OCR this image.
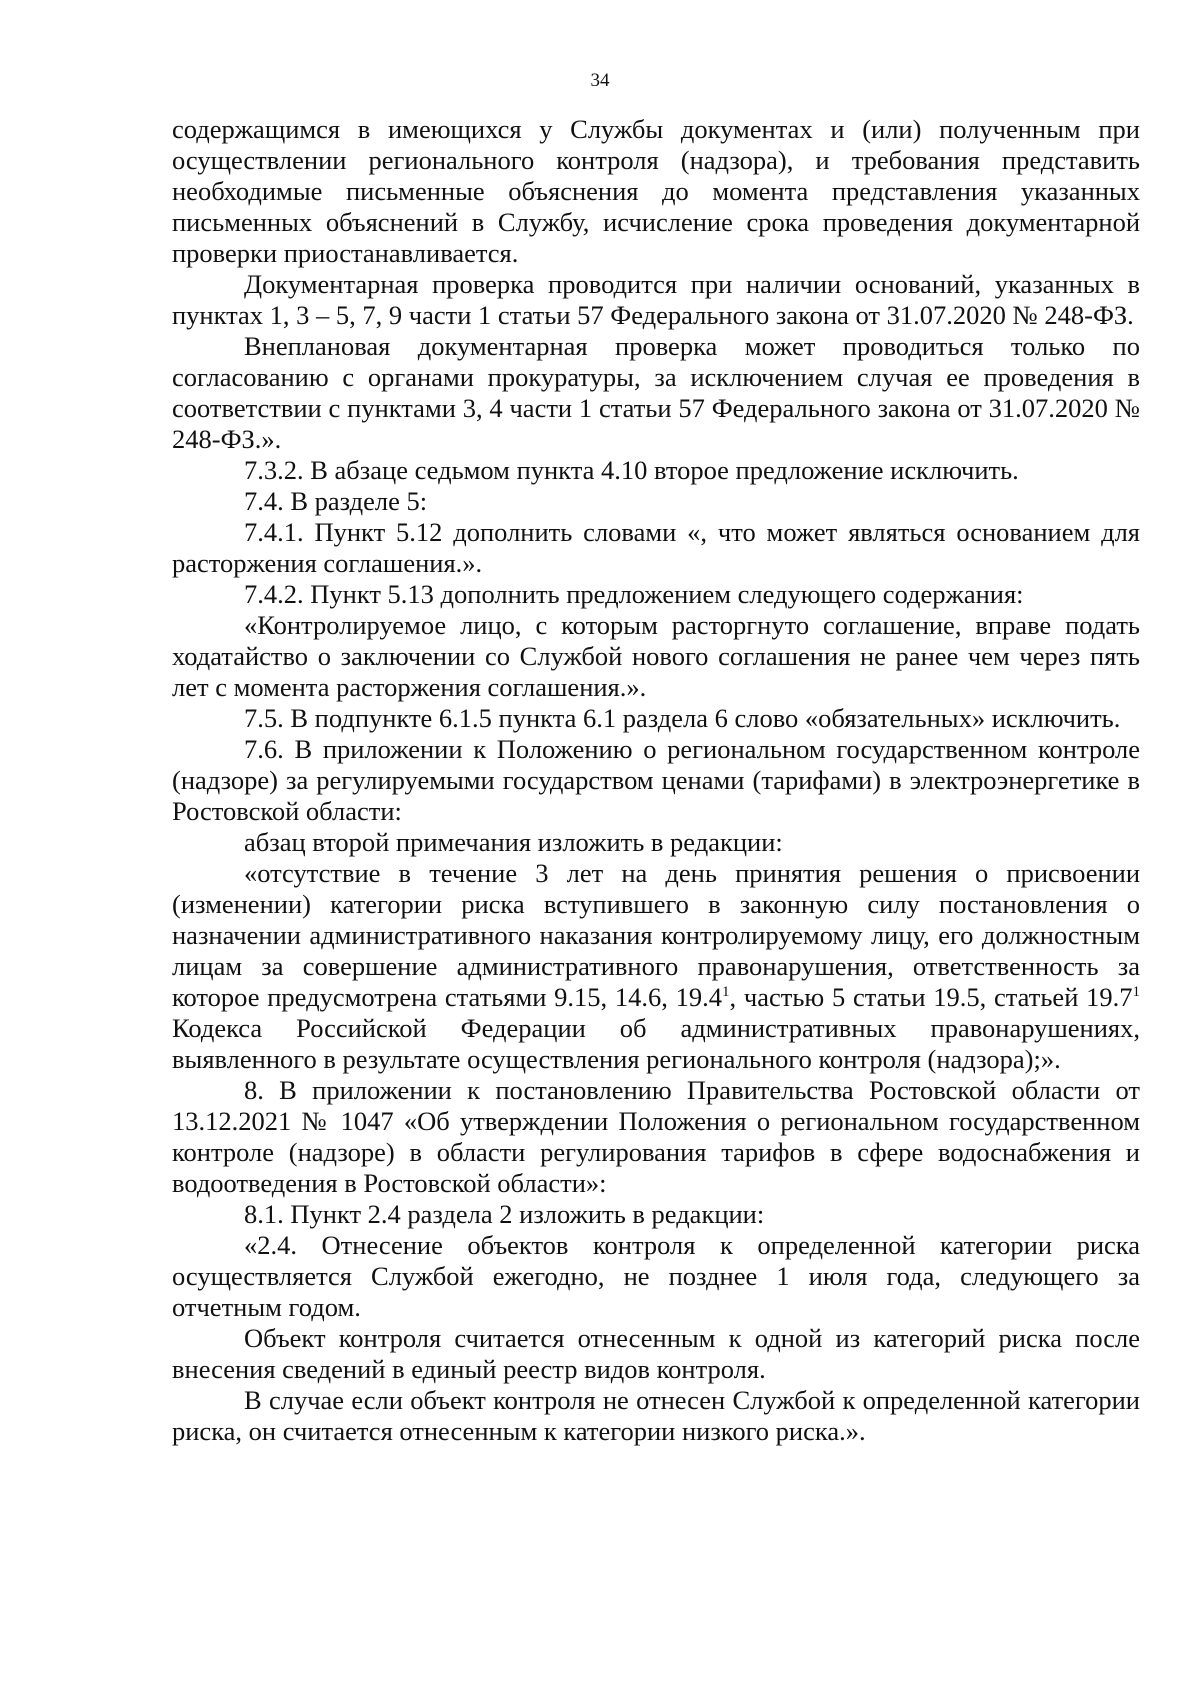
34

содержащимся в имеющихся у Службы документах и (или) полученным при осуществлении регионального контроля (надзора), и требования представить необходимые письменные объяснения до момента представления указанных письменных объяснений в Службу, исчисление срока проведения документарной проверки приостанавливается.

Документарная проверка проводится при наличии оснований, указанных в пунктах 1, 3 – 5, 7, 9 части 1 статьи 57 Федерального закона от 31.07.2020 № 248-ФЗ.

Внеплановая документарная проверка может проводиться только по согласованию с органами прокуратуры, за исключением случая ее проведения в соответствии с пунктами 3, 4 части 1 статьи 57 Федерального закона от 31.07.2020 № 248-ФЗ.».

7.3.2. В абзаце седьмом пункта 4.10 второе предложение исключить.

7.4. В разделе 5:

7.4.1. Пункт 5.12 дополнить словами «, что может являться основанием для расторжения соглашения.».

7.4.2. Пункт 5.13 дополнить предложением следующего содержания:

«Контролируемое лицо, с которым расторгнуто соглашение, вправе подать ходатайство о заключении со Службой нового соглашения не ранее чем через пять лет с момента расторжения соглашения.».

7.5. В подпункте 6.1.5 пункта 6.1 раздела 6 слово «обязательных» исключить.

7.6. В приложении к Положению о региональном государственном контроле (надзоре) за регулируемыми государством ценами (тарифами) в электроэнергетике в Ростовской области:

абзац второй примечания изложить в редакции:

«отсутствие в течение 3 лет на день принятия решения о присвоении (изменении) категории риска вступившего в законную силу постановления о назначении административного наказания контролируемому лицу, его должностным лицам за совершение административного правонарушения, ответственность за которое предусмотрена статьями 9.15, 14.6, 19.4$^1$, частью 5 статьи 19.5, статьей 19.7$^1$ Кодекса Российской Федерации об административных правонарушениях, выявленного в результате осуществления регионального контроля (надзора);».

8. В приложении к постановлению Правительства Ростовской области от 13.12.2021 № 1047 «Об утверждении Положения о региональном государственном контроле (надзоре) в области регулирования тарифов в сфере водоснабжения и водоотведения в Ростовской области»:

8.1. Пункт 2.4 раздела 2 изложить в редакции:

«2.4. Отнесение объектов контроля к определенной категории риска осуществляется Службой ежегодно, не позднее 1 июля года, следующего за отчетным годом.

Объект контроля считается отнесенным к одной из категорий риска после внесения сведений в единый реестр видов контроля.

В случае если объект контроля не отнесен Службой к определенной категории риска, он считается отнесенным к категории низкого риска.».
